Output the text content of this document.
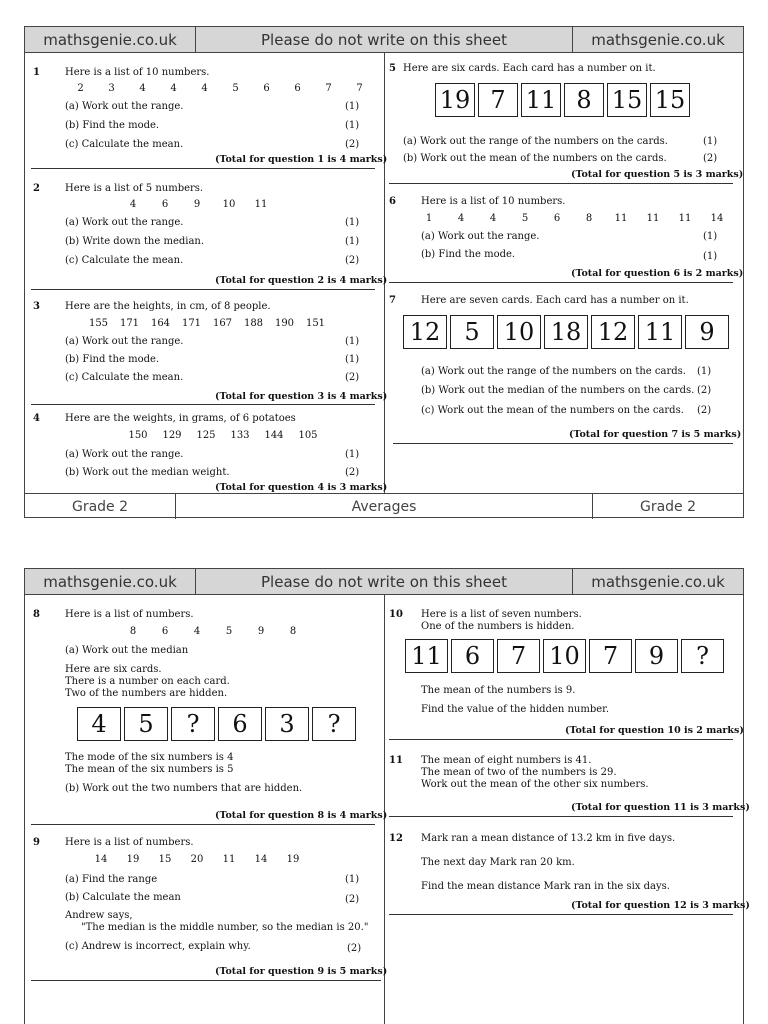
mathsgenie.co.uk	Please do not write on this sheet	mathsgenie.co.uk
1	Here is a list of 10 numbers.
2	3	4	4	4	5	6	6	7	7
(a) Work out the range.	(1)
(b) Find the mode.	(1)
(c) Calculate the mean.	(2)
(Total for question 1 is 4 marks)
2	Here is a list of 5 numbers.
4	6	9	10	11
(a) Work out the range.	(1)
(b) Write down the median.	(1)
(c) Calculate the mean.	(2)
(Total for question 2 is 4 marks)
3	Here are the heights, in cm, of 8 people.
155	171	164	171	167	188	190	151
(a) Work out the range.	(1)
(b) Find the mode.	(1)
(c) Calculate the mean.	(2)
(Total for question 3 is 4 marks)
4	Here are the weights, in grams, of 6 potatoes
150	129	125	133	144	105
(a) Work out the range.	(1)
(b) Work out the median weight.	(2)
(Total for question 4 is 3 marks)
5 Here are six cards. Each card has a number on it.
19 7 11 8 15 15
(a) Work out the range of the numbers on the cards.	(1)
(b) Work out the mean of the numbers on the cards.	(2)
(Total for question 5 is 3 marks)
6	Here is a list of 10 numbers.
1	4	4	5	6	8	11	11	11	14
(a) Work out the range.	(1)
(b) Find the mode.	(1)
(Total for question 6 is 2 marks)
7	Here are seven cards. Each card has a number on it.
12	5	10 18 12 11	9
(a) Work out the range of the numbers on the cards. (1)
(b) Work out the median of the numbers on the cards. (2)
(c) Work out the mean of the numbers on the cards. (2)
(Total for question 7 is 5 marks)
Grade 2	Averages	Grade 2
mathsgenie.co.uk	Please do not write on this sheet	mathsgenie.co.uk
8	Here is a list of numbers.
8	6	4	5	9	8
(a) Work out the median
Here are six cards.
There is a number on each card.
Two of the numbers are hidden.
4	5	?	6	3	?
The mode of the six numbers is 4
The mean of the six numbers is 5
(b) Work out the two numbers that are hidden.
(Total for question 8 is 4 marks)
9	Here is a list of numbers.
14	19	15	20	11	14	19
(a) Find the range	(1)
(b) Calculate the mean	(2)
Andrew says,
"The median is the middle number, so the median is 20."
(c) Andrew is incorrect, explain why.	(2)
(Total for question 9 is 5 marks)
10 Here is a list of seven numbers.
One of the numbers is hidden.
11 6	7 10 7	9	?
The mean of the numbers is 9.
Find the value of the hidden number.
(Total for question 10 is 2 marks)
11 The mean of eight numbers is 41.
The mean of two of the numbers is 29.
Work out the mean of the other six numbers.
(Total for question 11 is 3 marks)
12 Mark ran a mean distance of 13.2 km in five days.
The next day Mark ran 20 km.
Find the mean distance Mark ran in the six days.
(Total for question 12 is 3 marks)
